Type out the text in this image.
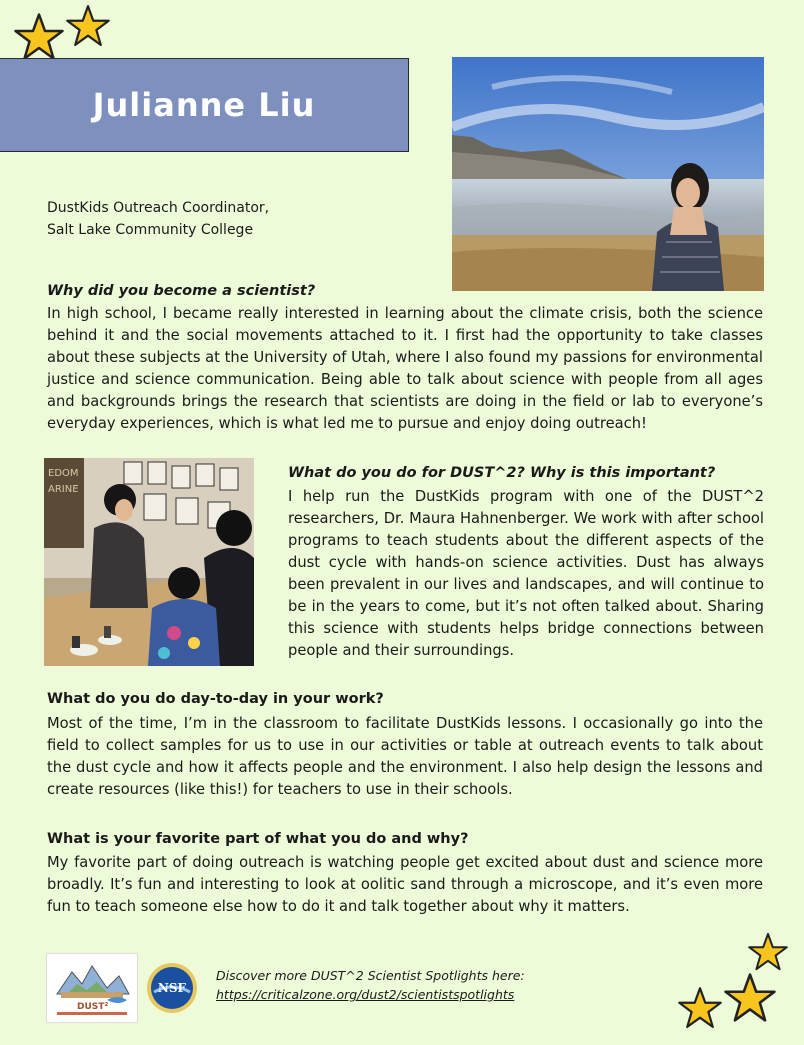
Julianne Liu
DustKids Outreach Coordinator,
Salt Lake Community College
Why did you become a scientist?

In high school, I became really interested in learning about the climate crisis, both the science behind it and the social movements attached to it. I first had the opportunity to take classes about these subjects at the University of Utah, where I also found my passions for environmental justice and science communication. Being able to talk about science with people from all ages and backgrounds brings the research that scientists are doing in the field or lab to everyone’s everyday experiences, which is what led me to pursue and enjoy doing outreach!

EDOM
ARINE
What do you do for DUST^2? Why is this important?

I help run the DustKids program with one of the DUST^2 researchers, Dr. Maura Hahnenberger. We work with after school programs to teach students about the different aspects of the dust cycle with hands-on science activities. Dust has always been prevalent in our lives and landscapes, and will continue to be in the years to come, but it’s not often talked about. Sharing this science with students helps bridge connections between people and their surroundings.

What do you do day-to-day in your work?

Most of the time, I’m in the classroom to facilitate DustKids lessons. I occasionally go into the field to collect samples for us to use in our activities or table at outreach events to talk about the dust cycle and how it affects people and the environment. I also help design the lessons and create resources (like this!) for teachers to use in their schools.

What is your favorite part of what you do and why?

My favorite part of doing outreach is watching people get excited about dust and science more broadly. It’s fun and interesting to look at oolitic sand through a microscope, and it’s even more fun to teach someone else how to do it and talk together about why it matters.

DUST²
NSF
Discover more DUST^2 Scientist Spotlights here:
https://criticalzone.org/dust2/scientistspotlights
